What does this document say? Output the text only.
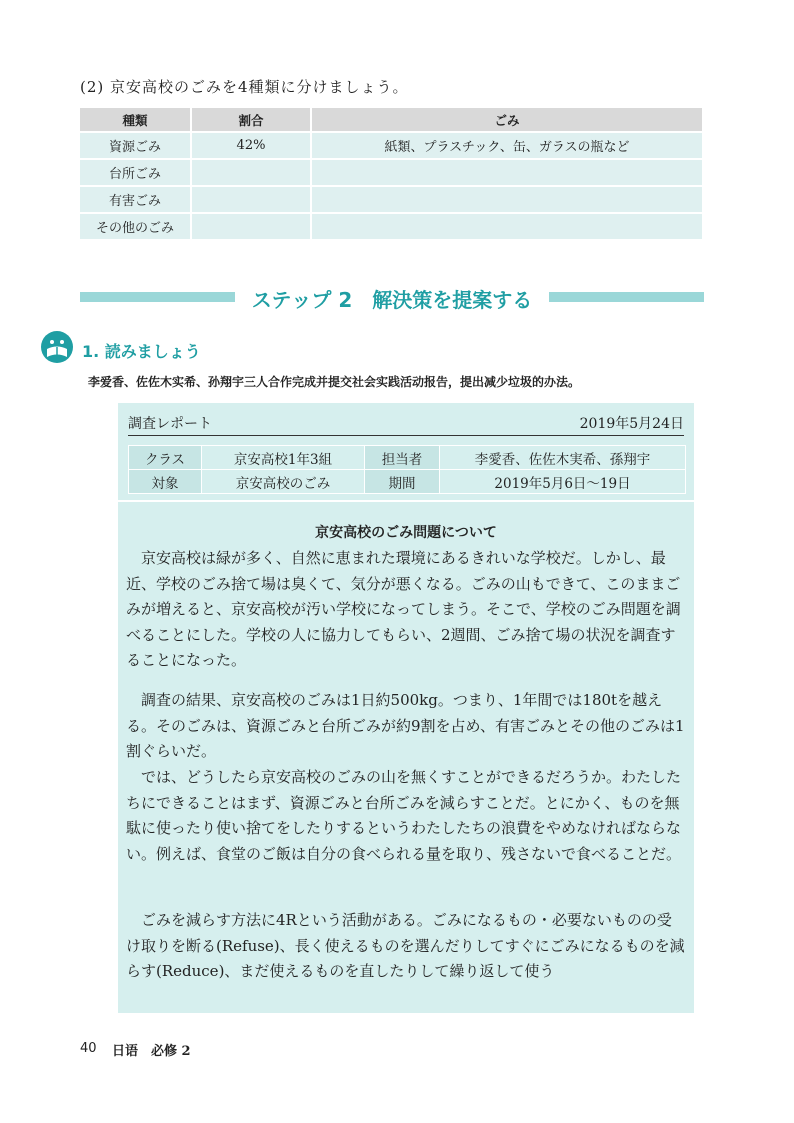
(2) 京安高校のごみを4種類に分けましょう。
種類	割合	ごみ
資源ごみ	42%	紙類、プラスチック、缶、ガラスの瓶など
台所ごみ		
有害ごみ		
その他のごみ		
ステップ 2　解決策を提案する
1. 読みましょう
李爱香、佐佐木实希、孙翔宇三人合作完成并提交社会实践活动报告，提出减少垃圾的办法。
調査レポート	2019年5月24日
クラス	京安高校1年3組	担当者	李愛香、佐佐木実希、孫翔宇
対象	京安高校のごみ	期間	2019年5月6日～19日
京安高校のごみ問題について
京安高校は緑が多く、自然に恵まれた環境にあるきれいな学校だ。しかし、最近、学校のごみ捨て場は臭くて、気分が悪くなる。ごみの山もできて、このままごみが増えると、京安高校が汚い学校になってしまう。そこで、学校のごみ問題を調べることにした。学校の人に協力してもらい、2週間、ごみ捨て場の状況を調査することになった。
調査の結果、京安高校のごみは1日約500kg。つまり、1年間では180tを越える。そのごみは、資源ごみと台所ごみが約9割を占め、有害ごみとその他のごみは1割ぐらいだ。
では、どうしたら京安高校のごみの山を無くすことができるだろうか。わたしたちにできることはまず、資源ごみと台所ごみを減らすことだ。とにかく、ものを無駄に使ったり使い捨てをしたりするというわたしたちの浪費をやめなければならない。例えば、食堂のご飯は自分の食べられる量を取り、残さないで食べることだ。
ごみを減らす方法に4Rという活動がある。ごみになるもの・必要ないものの受け取りを断る(Refuse)、長く使えるものを選んだりしてすぐにごみになるものを減らす(Reduce)、まだ使えるものを直したりして繰り返して使う
40 日语　必修 2
